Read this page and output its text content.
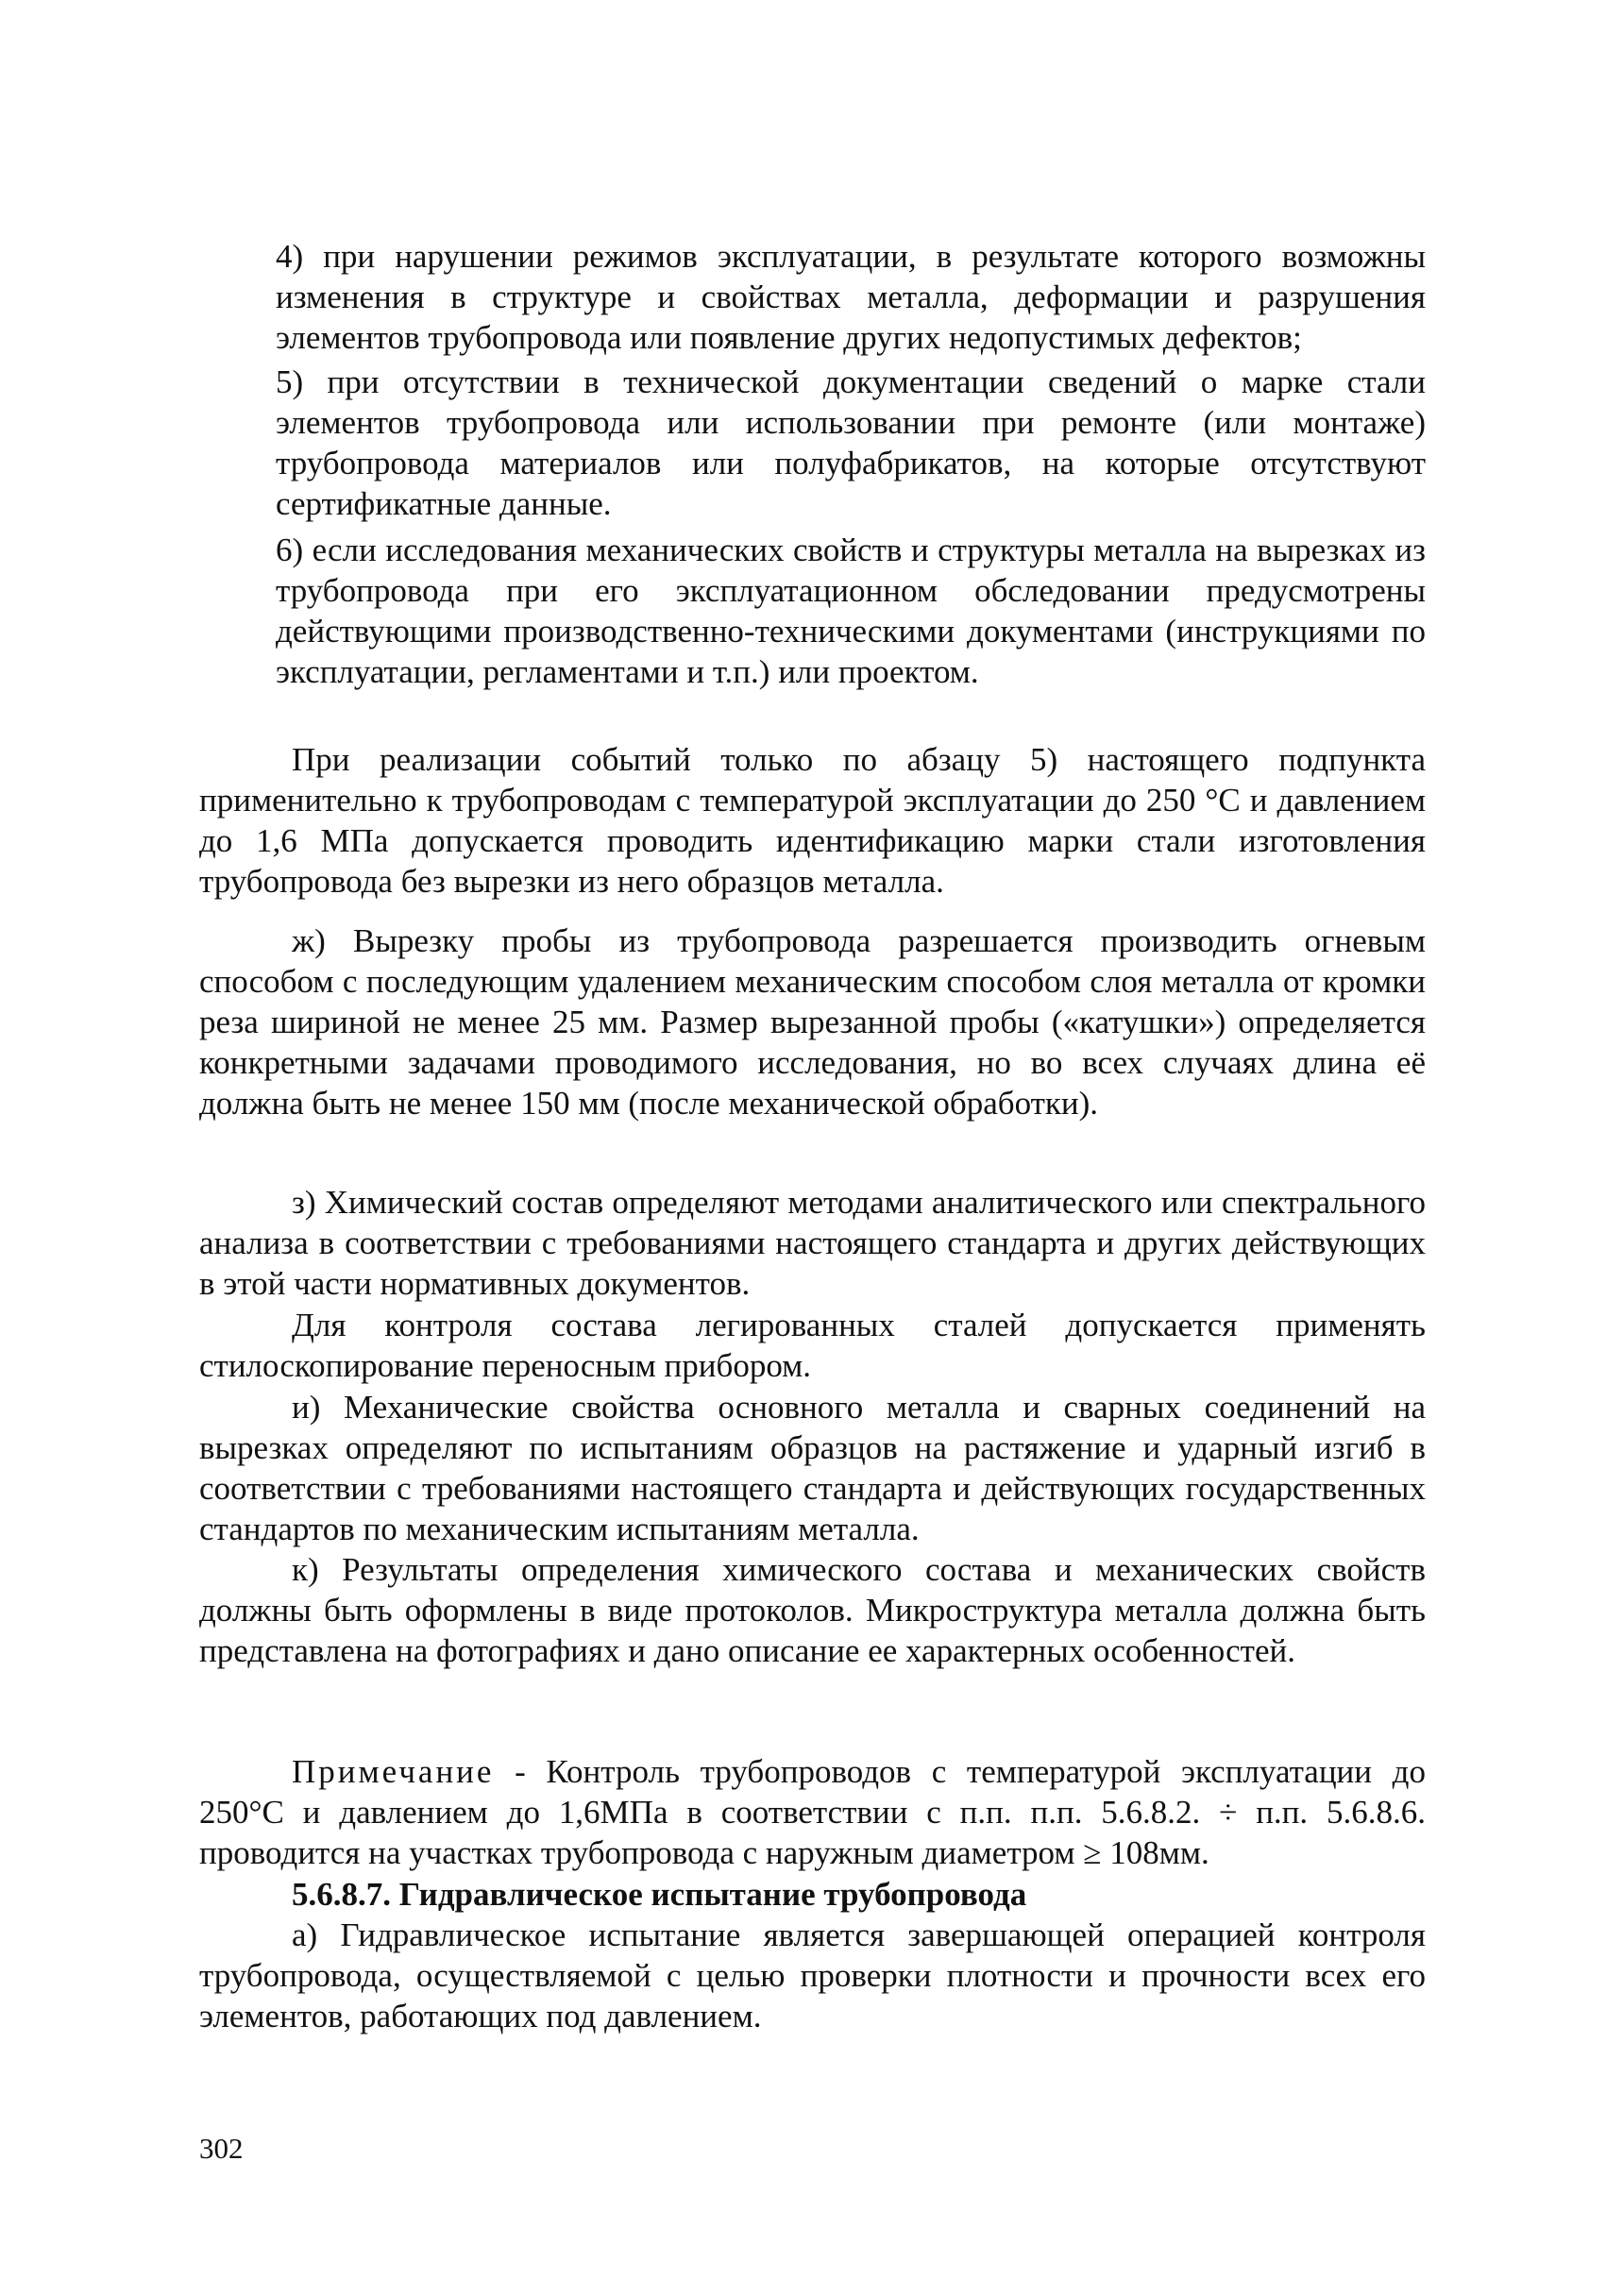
4) при нарушении режимов эксплуатации, в результате которого возможны изменения в структуре и свойствах металла, деформации и разрушения элементов трубопровода или появление других недопустимых дефектов;

5) при отсутствии в технической документации сведений о марке стали элементов трубопровода или использовании при ремонте (или монтаже) трубопровода материалов или полуфабрикатов, на которые отсутствуют сертификатные данные.

6) если исследования механических свойств и структуры металла на вырезках из трубопровода при его эксплуатационном обследовании предусмотрены действующими производственно-техническими документами (инструкциями по эксплуатации, регламентами и т.п.) или проектом.

При реализации событий только по абзацу 5) настоящего подпункта применительно к трубопроводам с температурой эксплуатации до 250 °С и давлением до 1,6 МПа допускается проводить идентификацию марки стали изготовления трубопровода без вырезки из него образцов металла.

ж) Вырезку пробы из трубопровода разрешается производить огневым способом с последующим удалением механическим способом слоя металла от кромки реза шириной не менее 25 мм. Размер вырезанной пробы («катушки») определяется конкретными задачами проводимого исследования, но во всех случаях длина её должна быть не менее 150 мм (после механической обработки).

з) Химический состав определяют методами аналитического или спектрального анализа в соответствии с требованиями настоящего стандарта и других действующих в этой части нормативных документов.

Для контроля состава легированных сталей допускается применять стилоскопирование переносным прибором.

и) Механические свойства основного металла и сварных соединений на вырезках определяют по испытаниям образцов на растяжение и ударный изгиб в соответствии с требованиями настоящего стандарта и действующих государственных стандартов по механическим испытаниям металла.

к) Результаты определения химического состава и механических свойств должны быть оформлены в виде протоколов. Микроструктура металла должна быть представлена на фотографиях и дано описание ее характерных особенностей.

Примечание - Контроль трубопроводов с температурой эксплуатации до 250°С и давлением до 1,6МПа в соответствии с п.п. п.п. 5.6.8.2. ÷ п.п. 5.6.8.6. проводится на участках трубопровода с наружным диаметром ≥ 108мм.

5.6.8.7. Гидравлическое испытание трубопровода

а) Гидравлическое испытание является завершающей операцией контроля трубопровода, осуществляемой с целью проверки плотности и прочности всех его элементов, работающих под давлением.

302
